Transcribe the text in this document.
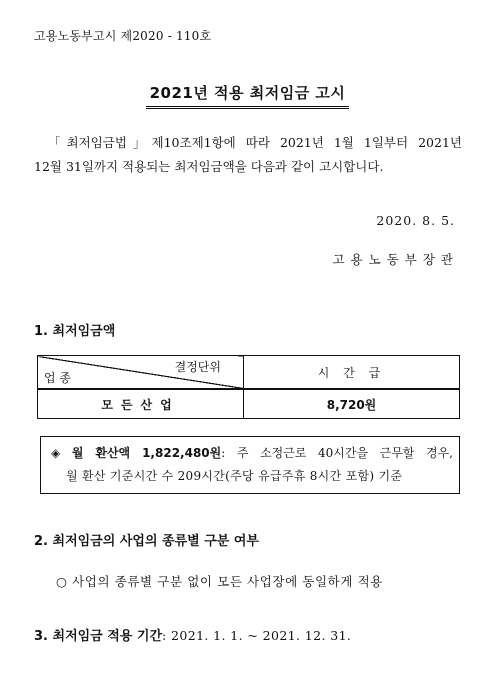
고용노동부고시 제2020 - 110호
2021년 적용 최저임금 고시

「최저임금법」제10조제1항에 따라 2021년 1월 1일부터 2021년

12월 31일까지 적용되는 최저임금액을 다음과 같이 고시합니다.

2020. 8. 5.
고용노동부장관
1. 최저임금액
결정단위
업 종	시 간 급
모든산업	8,720원
◈ 월 환산액 1,822,480원: 주 소정근로 40시간을 근무할 경우,
월 환산 기준시간 수 209시간(주당 유급주휴 8시간 포함) 기준
2. 최저임금의 사업의 종류별 구분 여부
○ 사업의 종류별 구분 없이 모든 사업장에 동일하게 적용
3. 최저임금 적용 기간: 2021. 1. 1. ~ 2021. 12. 31.
